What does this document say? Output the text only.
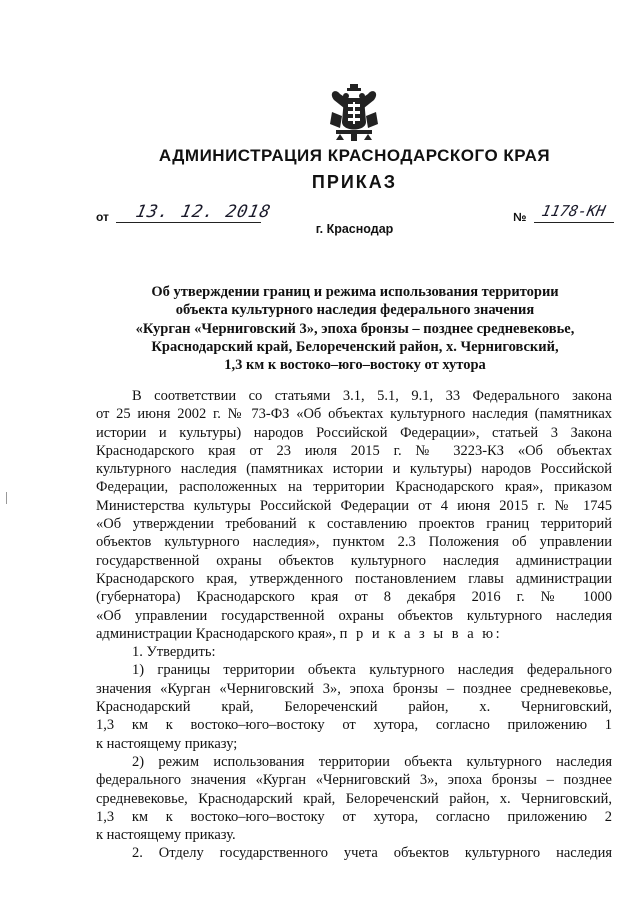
АДМИНИСТРАЦИЯ КРАСНОДАРСКОГО КРАЯ
ПРИКАЗ
от 13. 12. 2018	№ 1178-КН
г. Краснодар
Об утверждении границ и режима использования территории
объекта культурного наследия федерального значения
«Курган «Черниговский 3», эпоха бронзы – позднее средневековье,
Краснодарский край, Белореченский район, х. Черниговский,
1,3 км к востоко–юго–востоку от хутора
В соответствии со статьями 3.1, 5.1, 9.1, 33 Федерального закона
от 25 июня 2002 г. № 73-ФЗ «Об объектах культурного наследия (памятниках
истории и культуры) народов Российской Федерации», статьей 3 Закона
Краснодарского края от 23 июля 2015 г. № 3223-КЗ «Об объектах
культурного наследия (памятниках истории и культуры) народов Российской
Федерации, расположенных на территории Краснодарского края», приказом
Министерства культуры Российской Федерации от 4 июня 2015 г. № 1745
«Об утверждении требований к составлению проектов границ территорий
объектов культурного наследия», пунктом 2.3 Положения об управлении
государственной охраны объектов культурного наследия администрации
Краснодарского края, утвержденного постановлением главы администрации
(губернатора) Краснодарского края от 8 декабря 2016 г. № 1000
«Об управлении государственной охраны объектов культурного наследия
администрации Краснодарского края», п р и к а з ы в а ю:
1. Утвердить:
1) границы территории объекта культурного наследия федерального
значения «Курган «Черниговский 3», эпоха бронзы – позднее средневековье,
Краснодарский край, Белореченский район, х. Черниговский,
1,3 км к востоко–юго–востоку от хутора, согласно приложению 1
к настоящему приказу;
2) режим использования территории объекта культурного наследия
федерального значения «Курган «Черниговский 3», эпоха бронзы – позднее
средневековье, Краснодарский край, Белореченский район, х. Черниговский,
1,3 км к востоко–юго–востоку от хутора, согласно приложению 2
к настоящему приказу.
2. Отделу государственного учета объектов культурного наследия
